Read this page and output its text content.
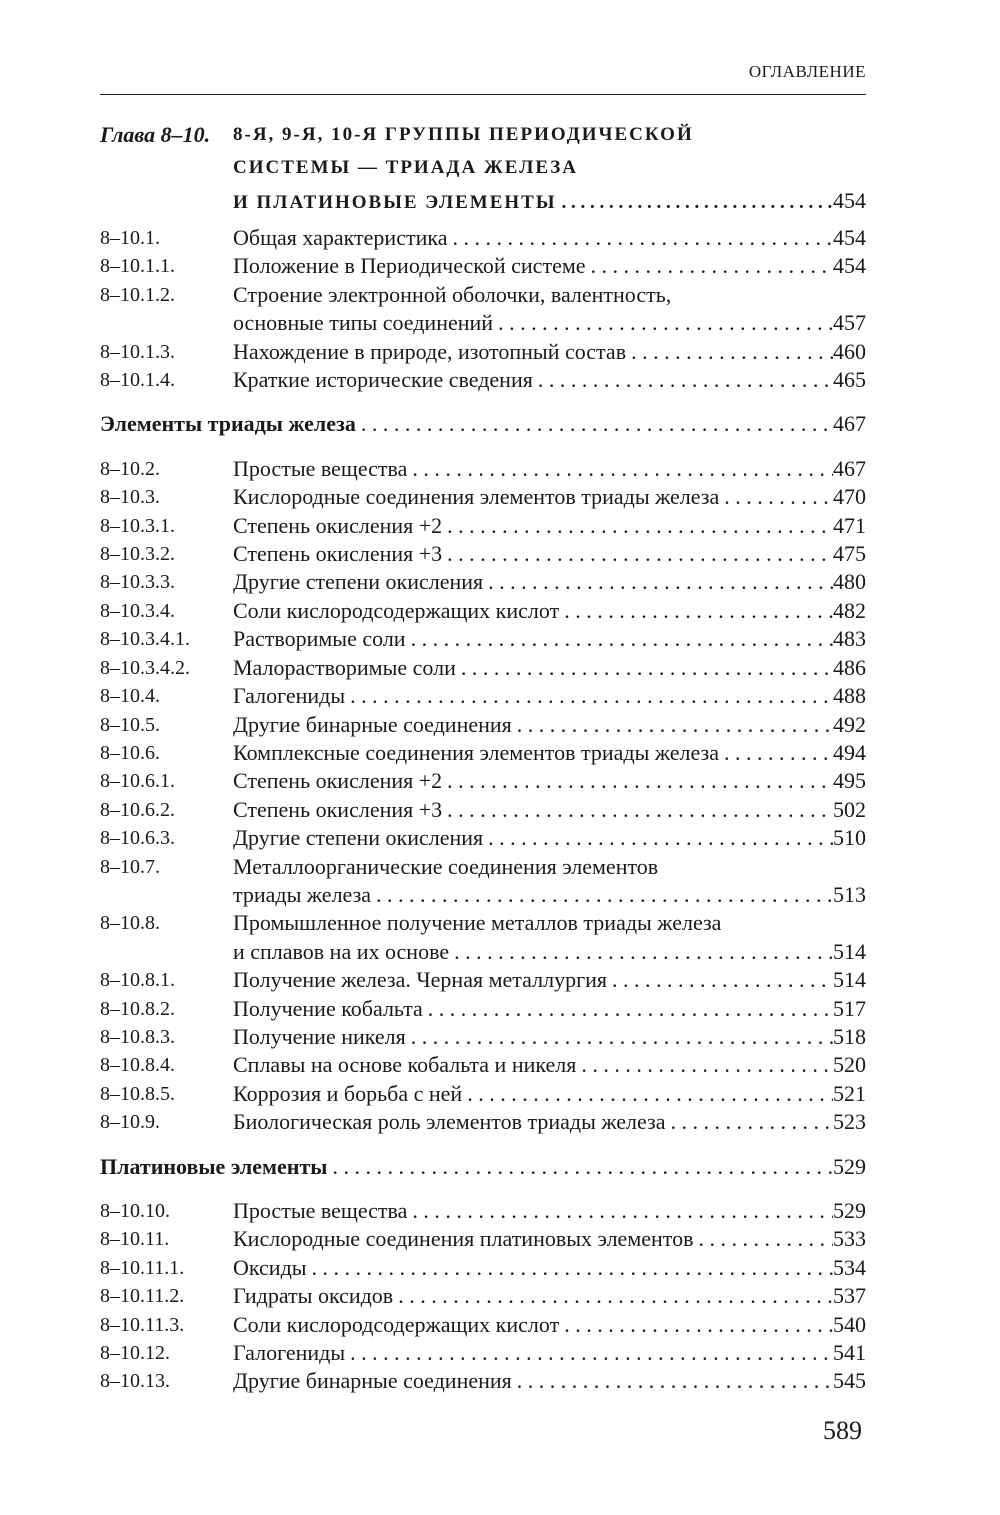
ОГЛАВЛЕНИЕ
Глава 8–10. 8-Я, 9-Я, 10-Я ГРУППЫ ПЕРИОДИЧЕСКОЙ
СИСТЕМЫ — ТРИАДА ЖЕЛЕЗА
И ПЛАТИНОВЫЕ ЭЛЕМЕНТЫ . . .	454
8–10.1.	Общая характеристика . . .	454
8–10.1.1.	Положение в Периодической системе . . .	454
8–10.1.2.	Строение электронной оболочки, валентность,
основные типы соединений . . .	457
8–10.1.3.	Нахождение в природе, изотопный состав . . .	460
8–10.1.4.	Краткие исторические сведения . . .	465
Элементы триады железа . . .	467
8–10.2.	Простые вещества . . .	467
8–10.3.	Кислородные соединения элементов триады железа . . .	470
8–10.3.1.	Степень окисления +2 . . .	471
8–10.3.2.	Степень окисления +3 . . .	475
8–10.3.3.	Другие степени окисления . . .	480
8–10.3.4.	Соли кислородсодержащих кислот . . .	482
8–10.3.4.1.	Растворимые соли . . .	483
8–10.3.4.2.	Малорастворимые соли . . .	486
8–10.4.	Галогениды . . .	488
8–10.5.	Другие бинарные соединения . . .	492
8–10.6.	Комплексные соединения элементов триады железа . . .	494
8–10.6.1.	Степень окисления +2 . . .	495
8–10.6.2.	Степень окисления +3 . . .	502
8–10.6.3.	Другие степени окисления . . .	510
8–10.7.	Металлоорганические соединения элементов
триады железа . . .	513
8–10.8.	Промышленное получение металлов триады железа
и сплавов на их основе . . .	514
8–10.8.1.	Получение железа. Черная металлургия . . .	514
8–10.8.2.	Получение кобальта . . .	517
8–10.8.3.	Получение никеля . . .	518
8–10.8.4.	Сплавы на основе кобальта и никеля . . .	520
8–10.8.5.	Коррозия и борьба с ней . . .	521
8–10.9.	Биологическая роль элементов триады железа . . .	523
Платиновые элементы . . .	529
8–10.10.	Простые вещества . . .	529
8–10.11.	Кислородные соединения платиновых элементов . . .	533
8–10.11.1.	Оксиды . . .	534
8–10.11.2.	Гидраты оксидов . . .	537
8–10.11.3.	Соли кислородсодержащих кислот . . .	540
8–10.12.	Галогениды . . .	541
8–10.13.	Другие бинарные соединения . . .	545
589
